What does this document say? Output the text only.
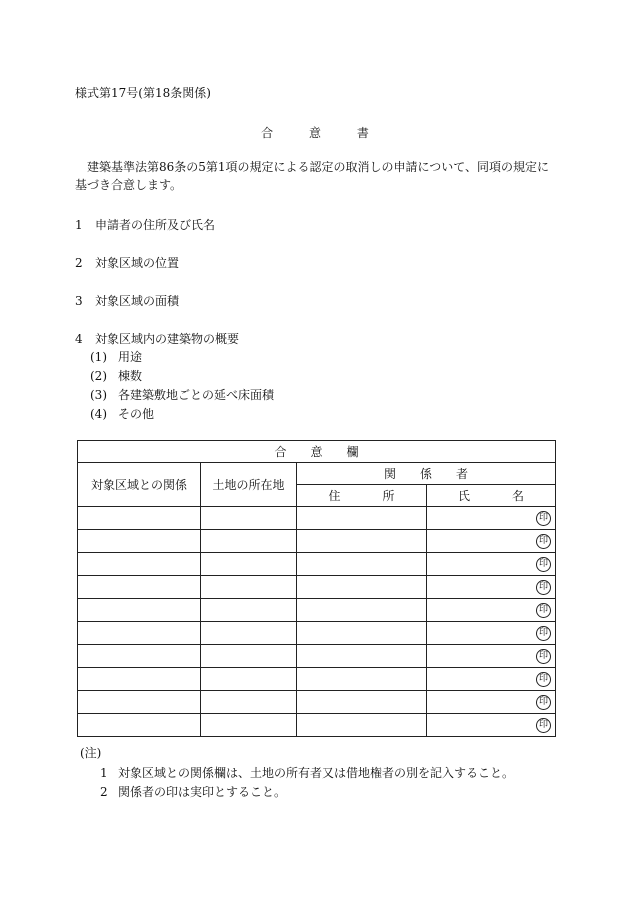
様式第17号(第18条関係)
合	意	書
建築基準法第86条の5第1項の規定による認定の取消しの申請について、同項の規定に基づき合意します。
1 申請者の住所及び氏名
2 対象区域の位置
3 対象区域の面積
4 対象区域内の建築物の概要
(1) 用途
(2) 棟数
(3) 各建築敷地ごとの延べ床面積
(4) その他
合 意 欄			
対象区域との関係	土地の所在地	関 係 者	
		住 所	氏 名
			印
			印
			印
			印
			印
			印
			印
			印
			印
			印
(注)
1 対象区域との関係欄は、土地の所有者又は借地権者の別を記入すること。
2 関係者の印は実印とすること。
